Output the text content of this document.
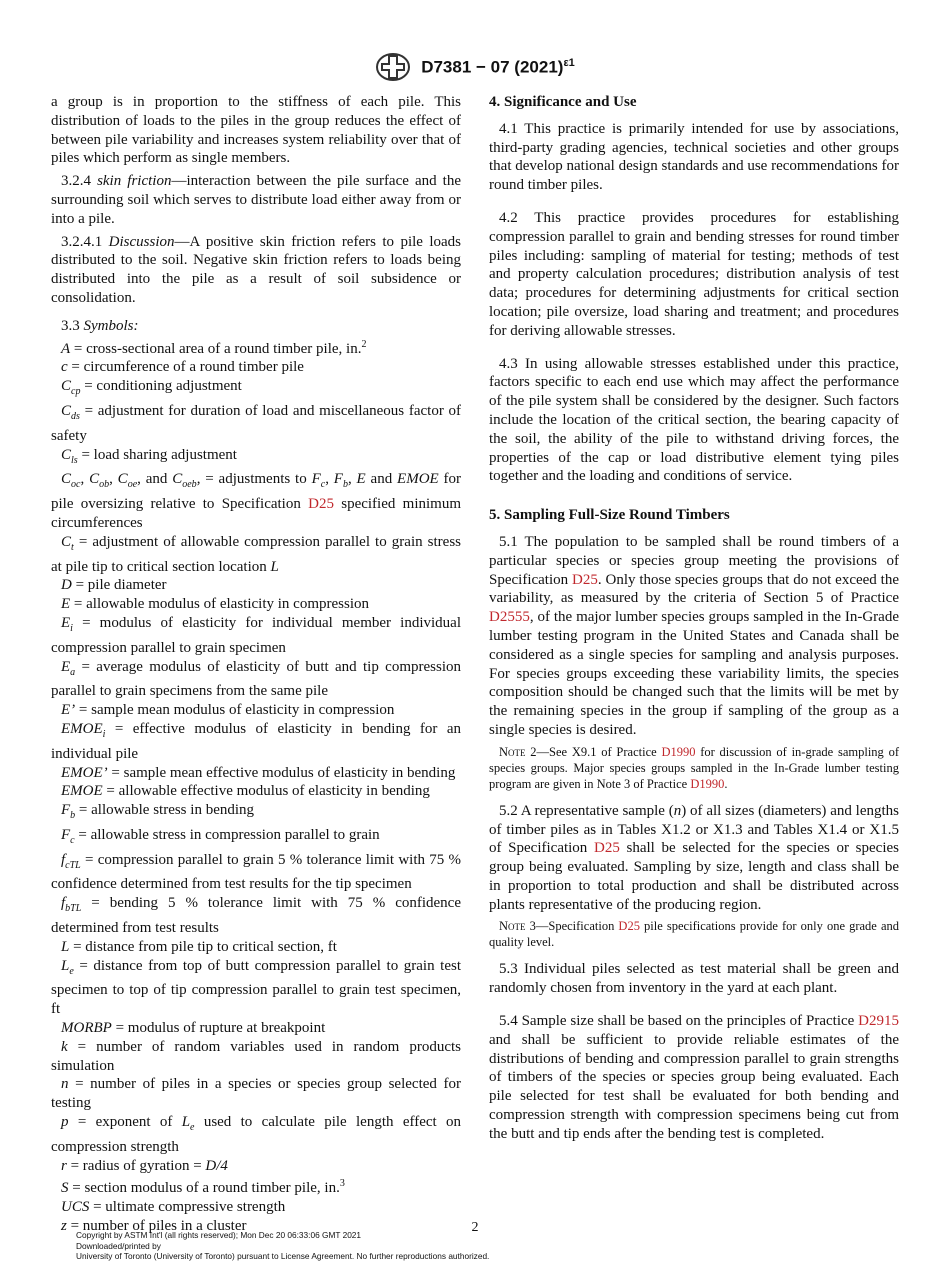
D7381 − 07 $(2021)^{\varepsilon 1}$

a group is in proportion to the stiffness of each pile. This distribution of loads to the piles in the group reduces the effect of between pile variability and increases system reliability over that of piles which perform as single members.

3.2.4 skin friction—interaction between the pile surface and the surrounding soil which serves to distribute load either away from or into a pile.

3.2.4.1 Discussion—A positive skin friction refers to pile loads distributed to the soil. Negative skin friction refers to loads being distributed into the pile as a result of soil subsidence or consolidation.

3.3 Symbols:

A = cross-sectional area of a round timber pile, in.$^2$

c = circumference of a round timber pile

$C_{cp}$ = conditioning adjustment

$C_{ds}$ = adjustment for duration of load and miscellaneous factor of safety

$C_{ls}$ = load sharing adjustment

$C_{oc}$, $C_{ob}$, $C_{oe}$, and $C_{oeb}$, = adjustments to $F_c$, $F_b$, E and EMOE for pile oversizing relative to Specification D25 specified minimum circumferences

$C_t$ = adjustment of allowable compression parallel to grain stress at pile tip to critical section location L

D = pile diameter

E = allowable modulus of elasticity in compression

$E_i$ = modulus of elasticity for individual member individual compression parallel to grain specimen

$E_a$ = average modulus of elasticity of butt and tip compression parallel to grain specimens from the same pile

E’ = sample mean modulus of elasticity in compression

$EMOE_i$ = effective modulus of elasticity in bending for an individual pile

EMOE’ = sample mean effective modulus of elasticity in bending

EMOE = allowable effective modulus of elasticity in bending

$F_b$ = allowable stress in bending

$F_c$ = allowable stress in compression parallel to grain

$f_{cTL}$ = compression parallel to grain 5 % tolerance limit with 75 % confidence determined from test results for the tip specimen

$f_{bTL}$ = bending 5 % tolerance limit with 75 % confidence determined from test results

L = distance from pile tip to critical section, ft

$L_e$ = distance from top of butt compression parallel to grain test specimen to top of tip compression parallel to grain test specimen, ft

MORBP = modulus of rupture at breakpoint

k = number of random variables used in random products simulation

n = number of piles in a species or species group selected for testing

p = exponent of $L_e$ used to calculate pile length effect on compression strength

r = radius of gyration = D/4

S = section modulus of a round timber pile, in.$^3$

UCS = ultimate compressive strength

z = number of piles in a cluster

4. Significance and Use

4.1 This practice is primarily intended for use by associations, third-party grading agencies, technical societies and other groups that develop national design standards and use recommendations for round timber piles.

4.2 This practice provides procedures for establishing compression parallel to grain and bending stresses for round timber piles including: sampling of material for testing; methods of test and property calculation procedures; distribution analysis of test data; procedures for determining adjustments for critical section location; pile oversize, load sharing and treatment; and procedures for deriving allowable stresses.

4.3 In using allowable stresses established under this practice, factors specific to each end use which may affect the performance of the pile system shall be considered by the designer. Such factors include the location of the critical section, the bearing capacity of the soil, the ability of the pile to withstand driving forces, the properties of the cap or load distributive element tying piles together and the loading and conditions of service.

5. Sampling Full-Size Round Timbers

5.1 The population to be sampled shall be round timbers of a particular species or species group meeting the provisions of Specification D25. Only those species groups that do not exceed the variability, as measured by the criteria of Section 5 of Practice D2555, of the major lumber species groups sampled in the In-Grade lumber testing program in the United States and Canada shall be considered as a single species for sampling and analysis purposes. For species groups exceeding these variability limits, the species composition should be changed such that the limits will be met by the remaining species in the group if sampling of the group as a single species is desired.

Note 2—See X9.1 of Practice D1990 for discussion of in-grade sampling of species groups. Major species groups sampled in the In-Grade lumber testing program are given in Note 3 of Practice D1990.

5.2 A representative sample (n) of all sizes (diameters) and lengths of timber piles as in Tables X1.2 or X1.3 and Tables X1.4 or X1.5 of Specification D25 shall be selected for the species or species group being evaluated. Sampling by size, length and class shall be in proportion to total production and shall be distributed across plants representative of the producing region.

Note 3—Specification D25 pile specifications provide for only one grade and quality level.

5.3 Individual piles selected as test material shall be green and randomly chosen from inventory in the yard at each plant.

5.4 Sample size shall be based on the principles of Practice D2915 and shall be sufficient to provide reliable estimates of the distributions of bending and compression parallel to grain strengths of timbers of the species or species group being evaluated. Each pile selected for test shall be evaluated for both bending and compression strength with compression specimens being cut from the butt and tip ends after the bending test is completed.

2
Copyright by ASTM Int'l (all rights reserved); Mon Dec 20 06:33:06 GMT 2021
Downloaded/printed by
University of Toronto (University of Toronto) pursuant to License Agreement. No further reproductions authorized.
